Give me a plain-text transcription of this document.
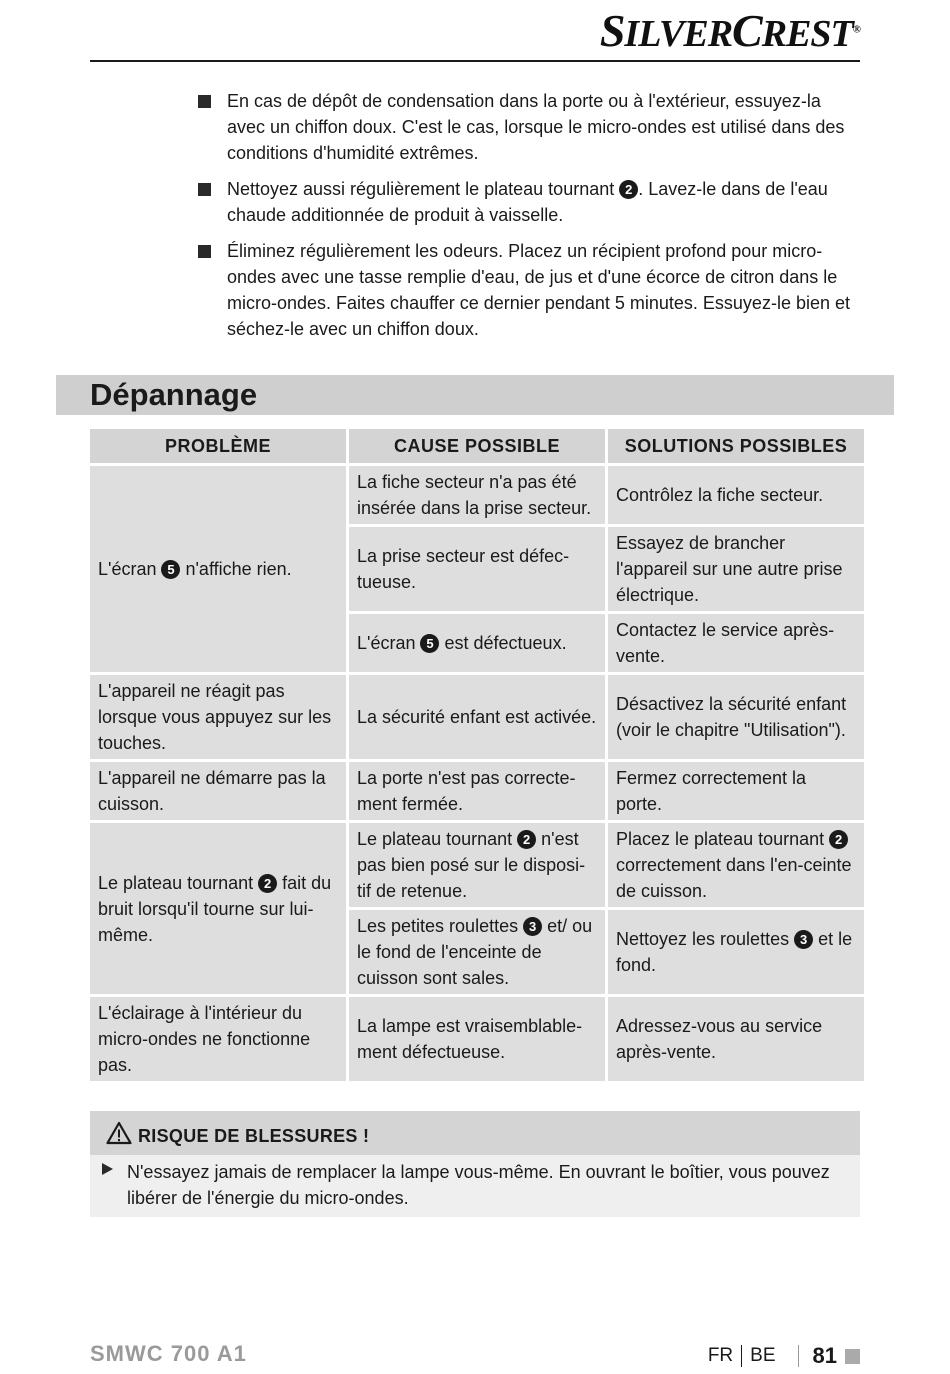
SILVERCREST®
En cas de dépôt de condensation dans la porte ou à l'extérieur, essuyez-la avec un chiffon doux. C'est le cas, lorsque le micro-ondes est utilisé dans des conditions d'humidité extrêmes.
Nettoyez aussi régulièrement le plateau tournant 2 . Lavez-le dans de l'eau chaude additionnée de produit à vaisselle.
Éliminez régulièrement les odeurs. Placez un récipient profond pour micro-ondes avec une tasse remplie d'eau, de jus et d'une écorce de citron dans le micro-ondes. Faites chauffer ce dernier pendant 5 minutes. Essuyez-le bien et séchez-le avec un chiffon doux.
Dépannage
PROBLÈME	CAUSE POSSIBLE	SOLUTIONS POSSIBLES
L'écran 5 n'affiche rien.	La fiche secteur n'a pas été insérée dans la prise secteur.	Contrôlez la fiche secteur.
	La prise secteur est défec-tueuse.	Essayez de brancher l'appareil sur une autre prise électrique.
	L'écran 5 est défectueux.	Contactez le service après-vente.
L'appareil ne réagit pas lorsque vous appuyez sur les touches.	La sécurité enfant est activée.	Désactivez la sécurité enfant (voir le chapitre "Utilisation").
L'appareil ne démarre pas la cuisson.	La porte n'est pas correcte-ment fermée.	Fermez correctement la porte.
Le plateau tournant 2 fait du bruit lorsqu'il tourne sur lui-même.	Le plateau tournant 2 n'est pas bien posé sur le disposi-tif de retenue.	Placez le plateau tournant 2 correctement dans l'en-ceinte de cuisson.
	Les petites roulettes 3 et/ ou le fond de l'enceinte de cuisson sont sales.	Nettoyez les roulettes 3 et le fond.
L'éclairage à l'intérieur du micro-ondes ne fonctionne pas.	La lampe est vraisemblable-ment défectueuse.	Adressez-vous au service après-vente.
RISQUE DE BLESSURES !
N'essayez jamais de remplacer la lampe vous-même. En ouvrant le boîtier, vous pouvez libérer de l'énergie du micro-ondes.
SMWC 700 A1	FR BE 81
